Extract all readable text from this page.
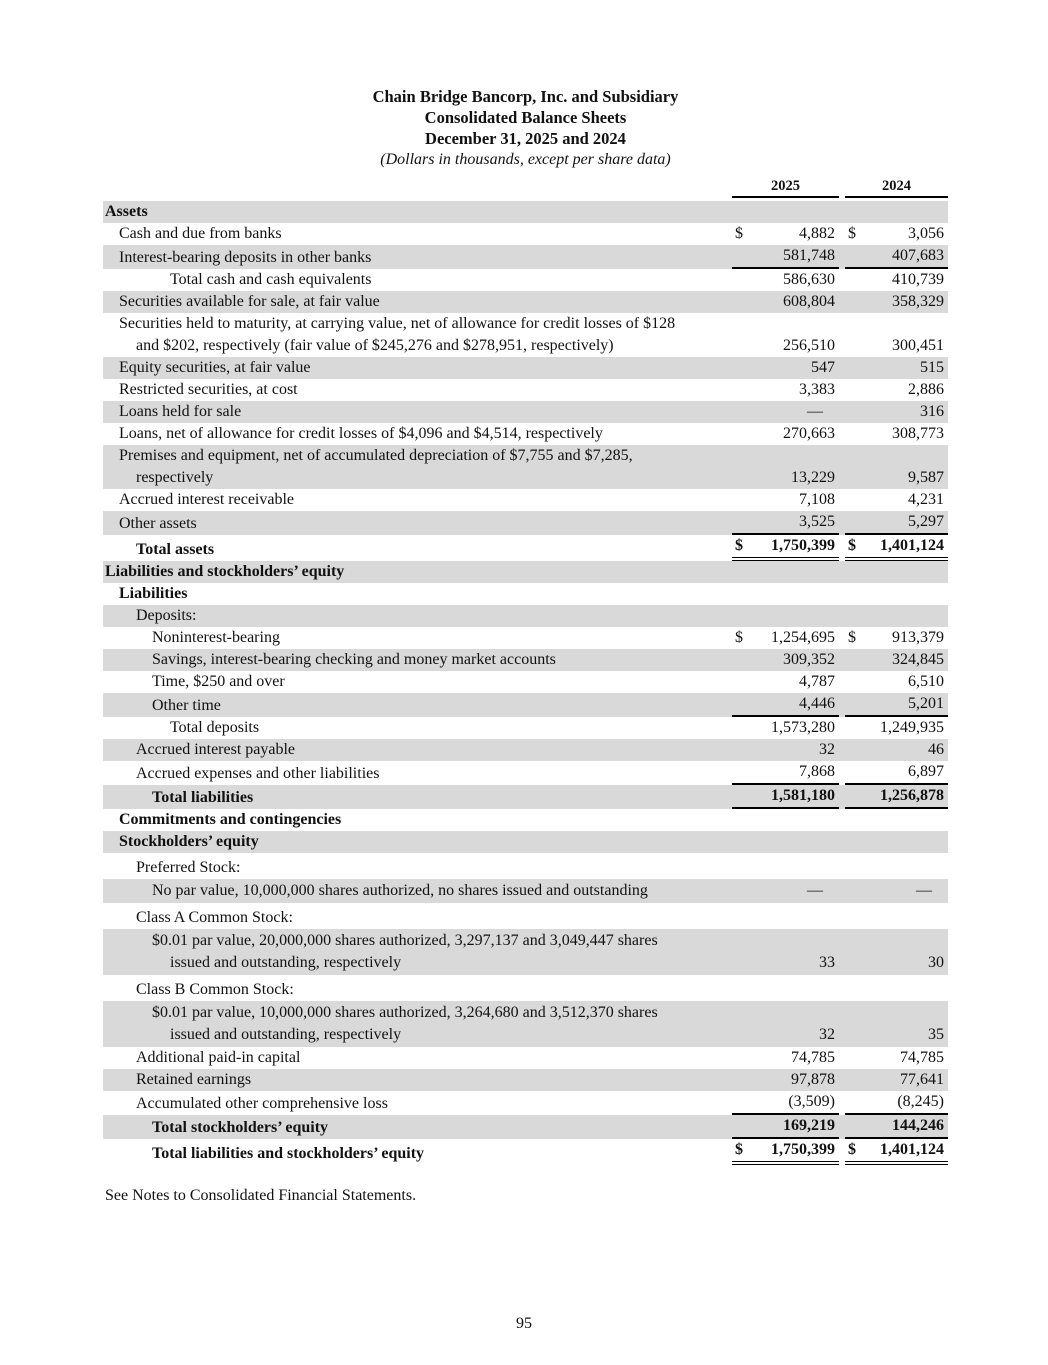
Chain Bridge Bancorp, Inc. and Subsidiary
Consolidated Balance Sheets
December 31, 2025 and 2024
(Dollars in thousands, except per share data)
2025	2024
Assets
Cash and due from banks	$	4,882 $	3,056
Interest-bearing deposits in other banks	581,748	407,683
Total cash and cash equivalents	586,630	410,739
Securities available for sale, at fair value	608,804	358,329
Securities held to maturity, at carrying value, net of allowance for credit losses of $128
and $202, respectively (fair value of $245,276 and $278,951, respectively)	256,510	300,451
Equity securities, at fair value	547	515
Restricted securities, at cost	3,383	2,886
Loans held for sale	—	316
Loans, net of allowance for credit losses of $4,096 and $4,514, respectively	270,663	308,773
Premises and equipment, net of accumulated depreciation of $7,755 and $7,285,
respectively	13,229	9,587
Accrued interest receivable	7,108	4,231
Other assets	3,525	5,297
Total assets	$ 1,750,399 $ 1,401,124
Liabilities and stockholders’ equity
Liabilities
Deposits:
Noninterest-bearing	$ 1,254,695 $ 913,379
Savings, interest-bearing checking and money market accounts	309,352	324,845
Time, $250 and over	4,787	6,510
Other time	4,446	5,201
Total deposits	1,573,280	1,249,935
Accrued interest payable	32	46
Accrued expenses and other liabilities	7,868	6,897
Total liabilities	1,581,180	1,256,878
Commitments and contingencies
Stockholders’ equity
Preferred Stock:
No par value, 10,000,000 shares authorized, no shares issued and outstanding	—	—
Class A Common Stock:
$0.01 par value, 20,000,000 shares authorized, 3,297,137 and 3,049,447 shares
issued and outstanding, respectively	33	30
Class B Common Stock:
$0.01 par value, 10,000,000 shares authorized, 3,264,680 and 3,512,370 shares
issued and outstanding, respectively	32	35
Additional paid-in capital	74,785	74,785
Retained earnings	97,878	77,641
Accumulated other comprehensive loss	(3,509)	(8,245)
Total stockholders’ equity	169,219	144,246
Total liabilities and stockholders’ equity	$ 1,750,399 $ 1,401,124
See Notes to Consolidated Financial Statements.
95
